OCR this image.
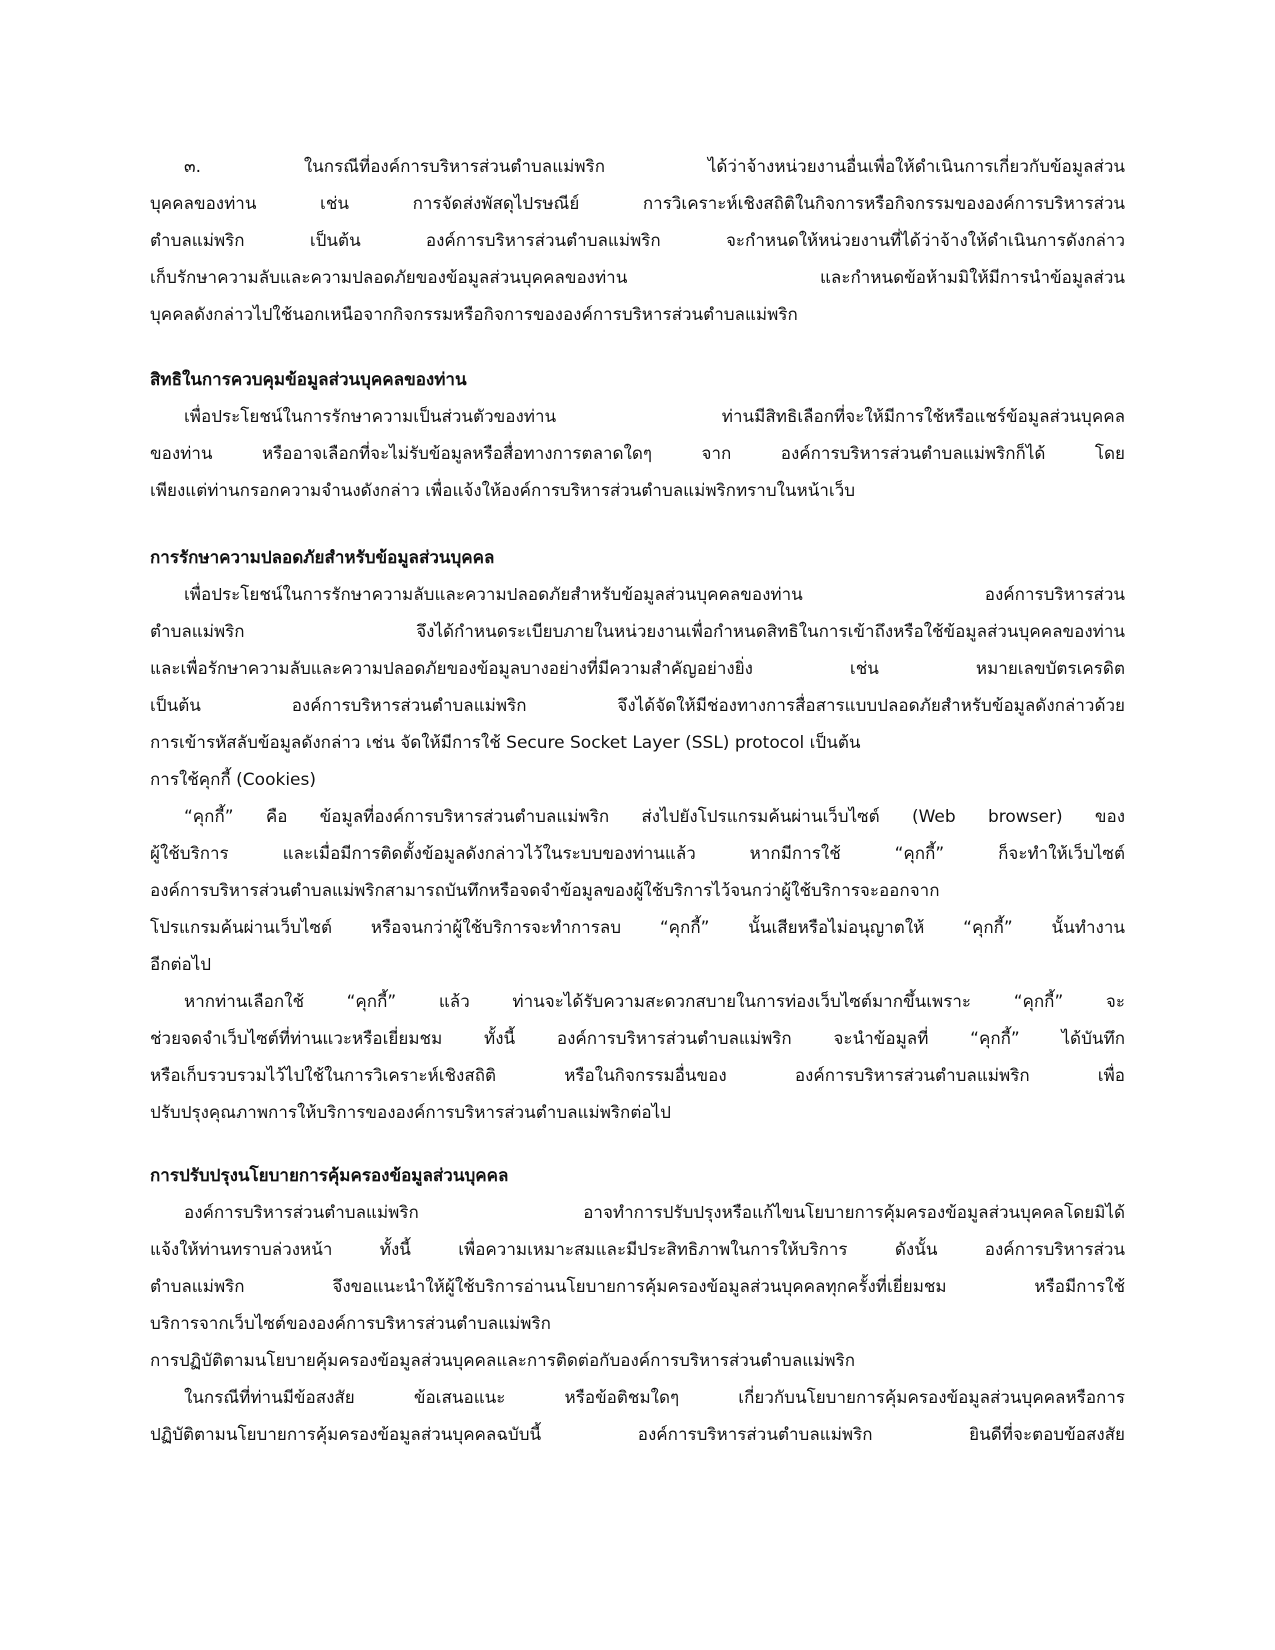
๓. ในกรณีที่องค์การบริหารส่วนตำบลแม่พริก ได้ว่าจ้างหน่วยงานอื่นเพื่อให้ดำเนินการเกี่ยวกับข้อมูลส่วน
บุคคลของท่าน เช่น การจัดส่งพัสดุไปรษณีย์ การวิเคราะห์เชิงสถิติในกิจการหรือกิจกรรมขององค์การบริหารส่วน
ตำบลแม่พริก เป็นต้น องค์การบริหารส่วนตำบลแม่พริก จะกำหนดให้หน่วยงานที่ได้ว่าจ้างให้ดำเนินการดังกล่าว
เก็บรักษาความลับและความปลอดภัยของข้อมูลส่วนบุคคลของท่าน และกำหนดข้อห้ามมิให้มีการนำข้อมูลส่วน
บุคคลดังกล่าวไปใช้นอกเหนือจากกิจกรรมหรือกิจการขององค์การบริหารส่วนตำบลแม่พริก
สิทธิในการควบคุมข้อมูลส่วนบุคคลของท่าน
เพื่อประโยชน์ในการรักษาความเป็นส่วนตัวของท่าน ท่านมีสิทธิเลือกที่จะให้มีการใช้หรือแชร์ข้อมูลส่วนบุคคล
ของท่าน หรืออาจเลือกที่จะไม่รับข้อมูลหรือสื่อทางการตลาดใดๆ จาก องค์การบริหารส่วนตำบลแม่พริกก็ได้ โดย
เพียงแต่ท่านกรอกความจำนงดังกล่าว เพื่อแจ้งให้องค์การบริหารส่วนตำบลแม่พริกทราบในหน้าเว็บ
การรักษาความปลอดภัยสำหรับข้อมูลส่วนบุคคล
เพื่อประโยชน์ในการรักษาความลับและความปลอดภัยสำหรับข้อมูลส่วนบุคคลของท่าน องค์การบริหารส่วน
ตำบลแม่พริก จึงได้กำหนดระเบียบภายในหน่วยงานเพื่อกำหนดสิทธิในการเข้าถึงหรือใช้ข้อมูลส่วนบุคคลของท่าน
และเพื่อรักษาความลับและความปลอดภัยของข้อมูลบางอย่างที่มีความสำคัญอย่างยิ่ง เช่น หมายเลขบัตรเครดิต
เป็นต้น องค์การบริหารส่วนตำบลแม่พริก จึงได้จัดให้มีช่องทางการสื่อสารแบบปลอดภัยสำหรับข้อมูลดังกล่าวด้วย
การเข้ารหัสลับข้อมูลดังกล่าว เช่น จัดให้มีการใช้ Secure Socket Layer (SSL) protocol เป็นต้น
การใช้คุกกี้ (Cookies)
“คุกกี้” คือ ข้อมูลที่องค์การบริหารส่วนตำบลแม่พริก ส่งไปยังโปรแกรมค้นผ่านเว็บไซต์ (Web browser) ของ
ผู้ใช้บริการ และเมื่อมีการติดตั้งข้อมูลดังกล่าวไว้ในระบบของท่านแล้ว หากมีการใช้ “คุกกี้” ก็จะทำให้เว็บไซต์
องค์การบริหารส่วนตำบลแม่พริกสามารถบันทึกหรือจดจำข้อมูลของผู้ใช้บริการไว้จนกว่าผู้ใช้บริการจะออกจาก
โปรแกรมค้นผ่านเว็บไซต์ หรือจนกว่าผู้ใช้บริการจะทำการลบ “คุกกี้” นั้นเสียหรือไม่อนุญาตให้ “คุกกี้” นั้นทำงาน
อีกต่อไป
หากท่านเลือกใช้ “คุกกี้” แล้ว ท่านจะได้รับความสะดวกสบายในการท่องเว็บไซต์มากขึ้นเพราะ “คุกกี้” จะ
ช่วยจดจำเว็บไซต์ที่ท่านแวะหรือเยี่ยมชม ทั้งนี้ องค์การบริหารส่วนตำบลแม่พริก จะนำข้อมูลที่ “คุกกี้” ได้บันทึก
หรือเก็บรวบรวมไว้ไปใช้ในการวิเคราะห์เชิงสถิติ หรือในกิจกรรมอื่นของ องค์การบริหารส่วนตำบลแม่พริก เพื่อ
ปรับปรุงคุณภาพการให้บริการขององค์การบริหารส่วนตำบลแม่พริกต่อไป
การปรับปรุงนโยบายการคุ้มครองข้อมูลส่วนบุคคล
องค์การบริหารส่วนตำบลแม่พริก อาจทำการปรับปรุงหรือแก้ไขนโยบายการคุ้มครองข้อมูลส่วนบุคคลโดยมิได้
แจ้งให้ท่านทราบล่วงหน้า ทั้งนี้ เพื่อความเหมาะสมและมีประสิทธิภาพในการให้บริการ ดังนั้น องค์การบริหารส่วน
ตำบลแม่พริก จึงขอแนะนำให้ผู้ใช้บริการอ่านนโยบายการคุ้มครองข้อมูลส่วนบุคคลทุกครั้งที่เยี่ยมชม หรือมีการใช้
บริการจากเว็บไซต์ขององค์การบริหารส่วนตำบลแม่พริก
การปฏิบัติตามนโยบายคุ้มครองข้อมูลส่วนบุคคลและการติดต่อกับองค์การบริหารส่วนตำบลแม่พริก
ในกรณีที่ท่านมีข้อสงสัย ข้อเสนอแนะ หรือข้อติชมใดๆ เกี่ยวกับนโยบายการคุ้มครองข้อมูลส่วนบุคคลหรือการ
ปฏิบัติตามนโยบายการคุ้มครองข้อมูลส่วนบุคคลฉบับนี้ องค์การบริหารส่วนตำบลแม่พริก ยินดีที่จะตอบข้อสงสัย
